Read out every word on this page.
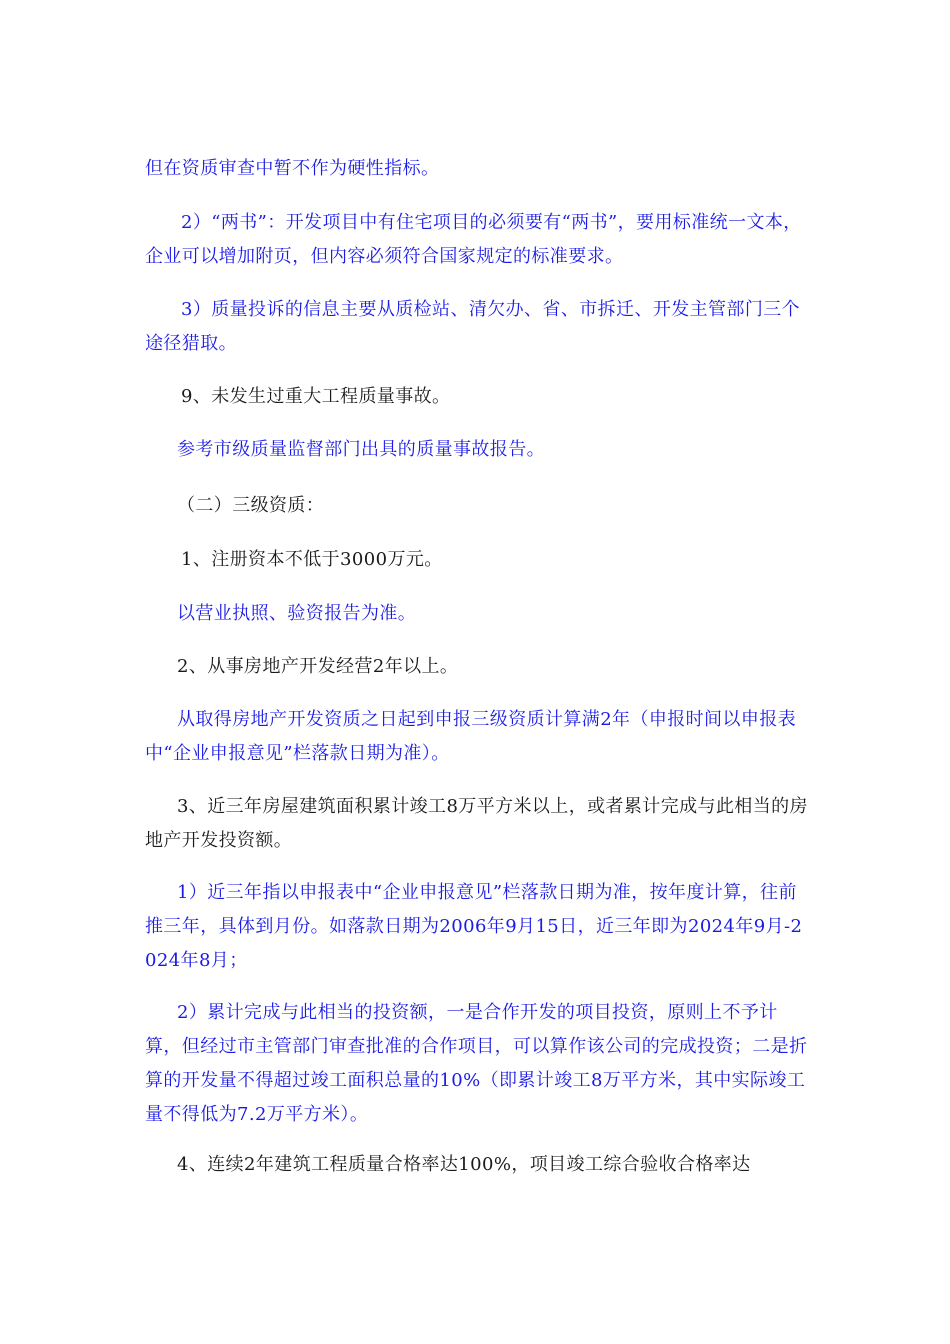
但在资质审查中暂不作为硬性指标。

2）“两书”：开发项目中有住宅项目的必须要有“两书”，要用标准统一文本，企业可以增加附页，但内容必须符合国家规定的标准要求。

3）质量投诉的信息主要从质检站、清欠办、省、市拆迁、开发主管部门三个途径猎取。

9、未发生过重大工程质量事故。

参考市级质量监督部门出具的质量事故报告。

（二）三级资质：

1、注册资本不低于3000万元。

以营业执照、验资报告为准。

2、从事房地产开发经营2年以上。

从取得房地产开发资质之日起到申报三级资质计算满2年（申报时间以申报表中“企业申报意见”栏落款日期为准）。

3、近三年房屋建筑面积累计竣工8万平方米以上，或者累计完成与此相当的房地产开发投资额。

1）近三年指以申报表中“企业申报意见”栏落款日期为准，按年度计算，往前推三年，具体到月份。如落款日期为2006年9月15日，近三年即为2024年9月-2024年8月；

2）累计完成与此相当的投资额，一是合作开发的项目投资，原则上不予计算，但经过市主管部门审查批准的合作项目，可以算作该公司的完成投资；二是折算的开发量不得超过竣工面积总量的10%（即累计竣工8万平方米，其中实际竣工量不得低为7.2万平方米）。

4、连续2年建筑工程质量合格率达100%，项目竣工综合验收合格率达
